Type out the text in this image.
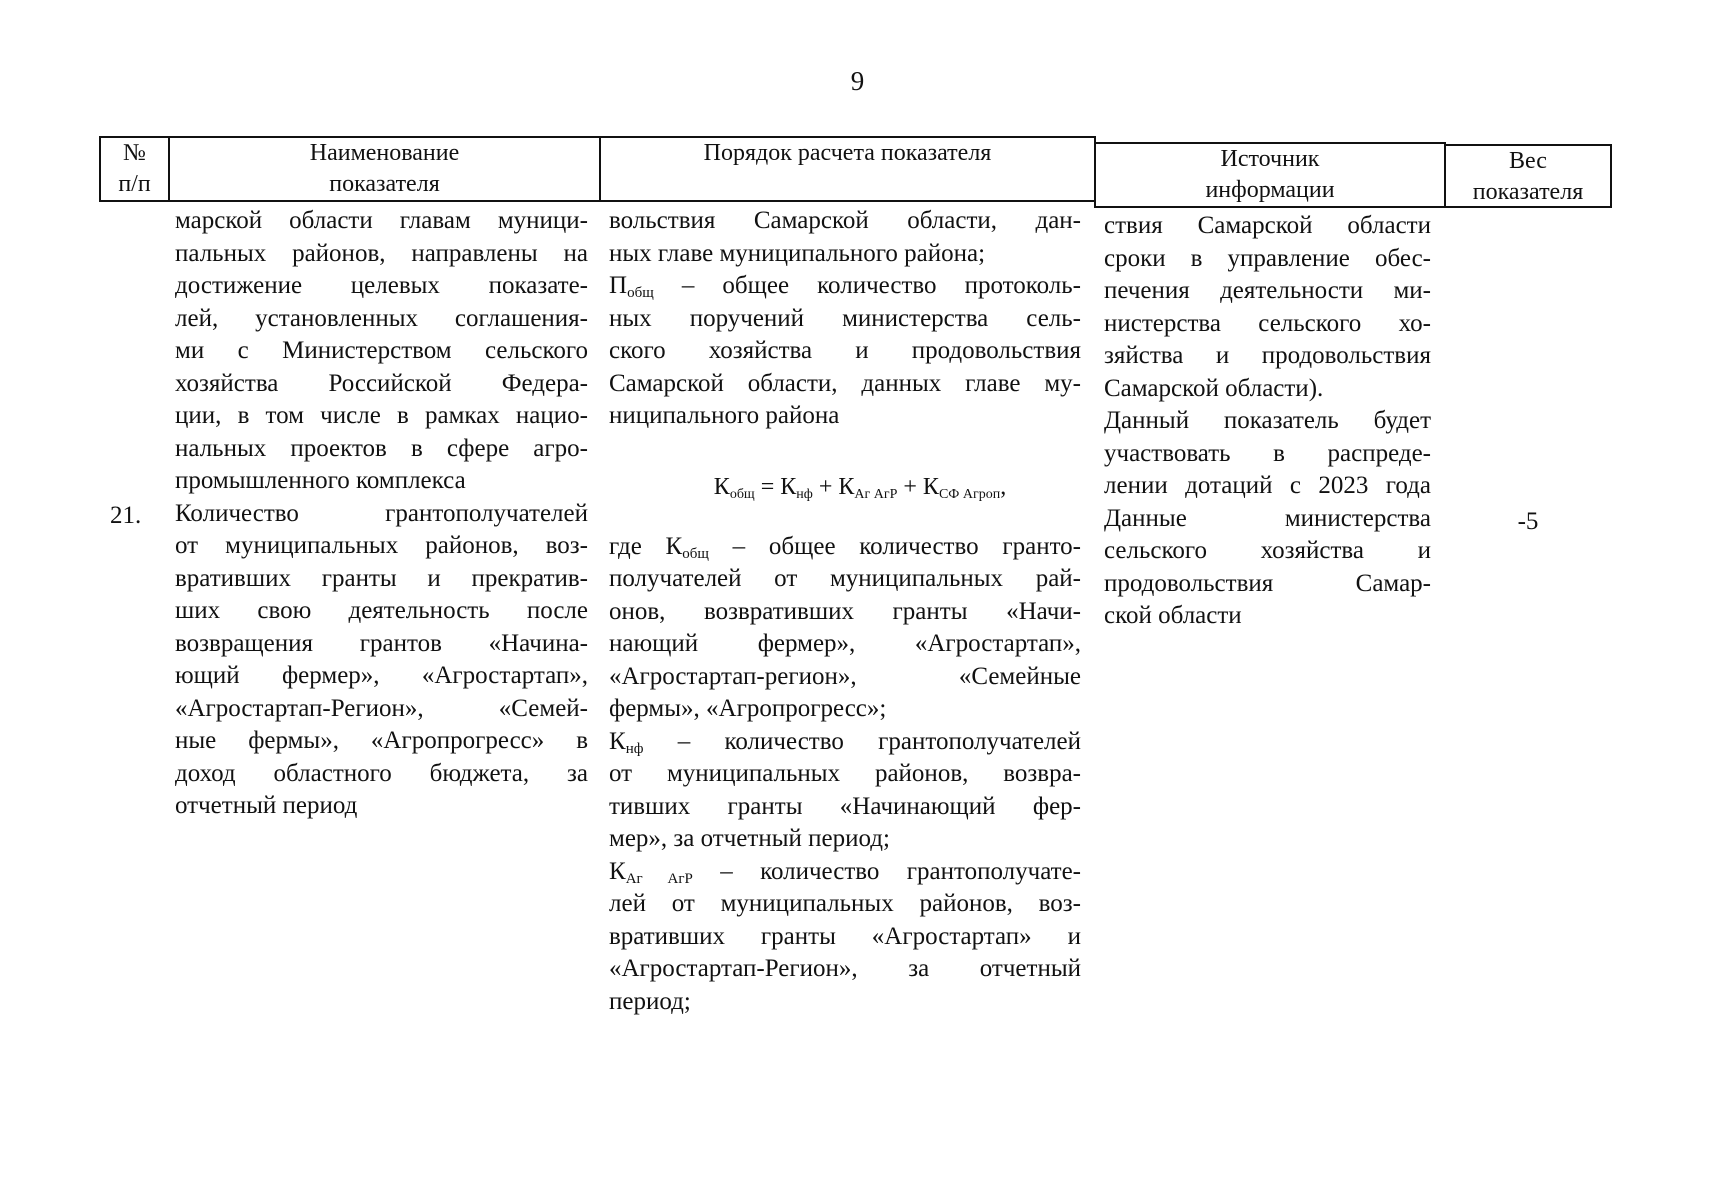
9
№
п/п
Наименование
показателя
Порядок расчета показателя	Источник
информации
Вес
показателя

21.

марской области главам муници-

пальных районов, направлены на

достижение целевых показате-

лей, установленных соглашения-

ми с Министерством сельского

хозяйства Российской Федера-

ции, в том числе в рамках нацио-

нальных проектов в сфере агро-

промышленного комплекса

Количество грантополучателей

от муниципальных районов, воз-

вративших гранты и прекратив-

ших свою деятельность после

возвращения грантов «Начина-

ющий фермер», «Агростартап»,

«Агростартап-Регион», «Семей-

ные фермы», «Агропрогресс» в

доход областного бюджета, за

отчетный период

вольствия Самарской области, дан-

ных главе муниципального района;

$П_{общ}$ – общее количество протоколь-

ных поручений министерства сель-

ского хозяйства и продовольствия

Самарской области, данных главе му-

ниципального района

$К_{общ} = К_{нф} + К_{Аг АгР} + К_{СФ Агроп}$,

где $К_{общ}$ – общее количество гранто-

получателей от муниципальных рай-

онов, возвративших гранты «Начи-

нающий фермер», «Агростартап»,

«Агростартап-регион», «Семейные

фермы», «Агропрогресс»;

$К_{нф}$ – количество грантополучателей

от муниципальных районов, возвра-

тивших гранты «Начинающий фер-

мер», за отчетный период;

$К_{Аг АгР}$ – количество грантополучате-

лей от муниципальных районов, воз-

вративших гранты «Агростартап» и

«Агростартап-Регион», за отчетный

период;

ствия Самарской области

сроки в управление обес-

печения деятельности ми-

нистерства сельского хо-

зяйства и продовольствия

Самарской области).

Данный показатель будет

участвовать в распреде-

лении дотаций с 2023 года

Данные министерства

сельского хозяйства и

продовольствия Самар-

ской области

-5
